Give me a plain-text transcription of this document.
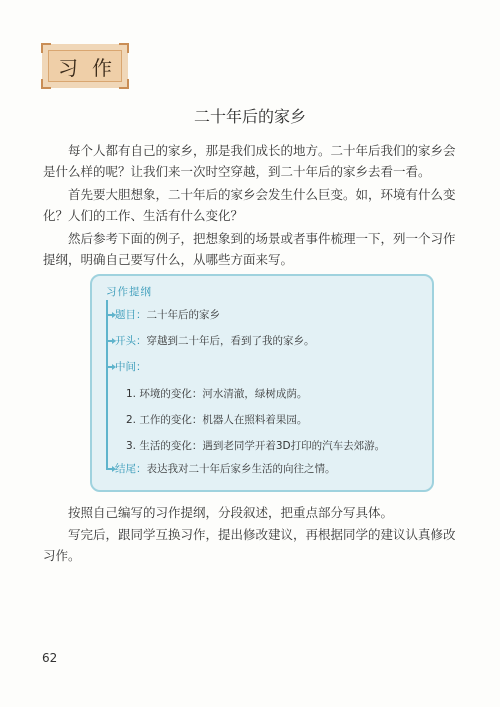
习作
二十年后的家乡
每个人都有自己的家乡，那是我们成长的地方。二十年后我们的家乡会是什么样的呢？让我们来一次时空穿越，到二十年后的家乡去看一看。
首先要大胆想象，二十年后的家乡会发生什么巨变。如，环境有什么变化？人们的工作、生活有什么变化？
然后参考下面的例子，把想象到的场景或者事件梳理一下，列一个习作提纲，明确自己要写什么，从哪些方面来写。
习作提纲
题目：二十年后的家乡
开头：穿越到二十年后，看到了我的家乡。
中间：
1. 环境的变化：河水清澈，绿树成荫。
2. 工作的变化：机器人在照料着果园。
3. 生活的变化：遇到老同学开着3D打印的汽车去郊游。
结尾：表达我对二十年后家乡生活的向往之情。
按照自己编写的习作提纲，分段叙述，把重点部分写具体。
写完后，跟同学互换习作，提出修改建议，再根据同学的建议认真修改习作。
62
